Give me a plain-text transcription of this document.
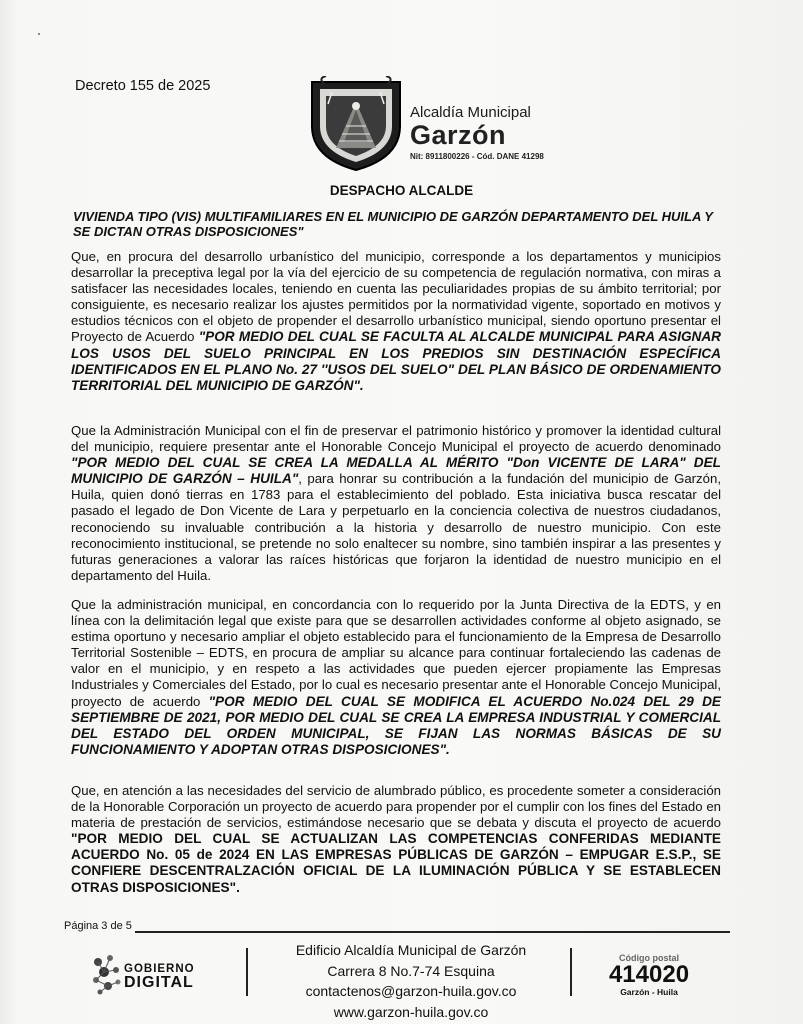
Decreto 155 de 2025
Alcaldía Municipal
Garzón
Nit: 8911800226 - Cód. DANE 41298
DESPACHO ALCALDE
VIVIENDA TIPO (VIS) MULTIFAMILIARES EN EL MUNICIPIO DE GARZÓN DEPARTAMENTO DEL HUILA Y SE DICTAN OTRAS DISPOSICIONES"
Que, en procura del desarrollo urbanístico del municipio, corresponde a los departamentos y municipios desarrollar la preceptiva legal por la vía del ejercicio de su competencia de regulación normativa, con miras a satisfacer las necesidades locales, teniendo en cuenta las peculiaridades propias de su ámbito territorial; por consiguiente, es necesario realizar los ajustes permitidos por la normatividad vigente, soportado en motivos y estudios técnicos con el objeto de propender el desarrollo urbanístico municipal, siendo oportuno presentar el Proyecto de Acuerdo "POR MEDIO DEL CUAL SE FACULTA AL ALCALDE MUNICIPAL PARA ASIGNAR LOS USOS DEL SUELO PRINCIPAL EN LOS PREDIOS SIN DESTINACIÓN ESPECÍFICA IDENTIFICADOS EN EL PLANO No. 27 ''USOS DEL SUELO" DEL PLAN BÁSICO DE ORDENAMIENTO TERRITORIAL DEL MUNICIPIO DE GARZÓN".
Que la Administración Municipal con el fin de preservar el patrimonio histórico y promover la identidad cultural del municipio, requiere presentar ante el Honorable Concejo Municipal el proyecto de acuerdo denominado "POR MEDIO DEL CUAL SE CREA LA MEDALLA AL MÉRITO "Don VICENTE DE LARA" DEL MUNICIPIO DE GARZÓN – HUILA", para honrar su contribución a la fundación del municipio de Garzón, Huila, quien donó tierras en 1783 para el establecimiento del poblado. Esta iniciativa busca rescatar del pasado el legado de Don Vicente de Lara y perpetuarlo en la conciencia colectiva de nuestros ciudadanos, reconociendo su invaluable contribución a la historia y desarrollo de nuestro municipio. Con este reconocimiento institucional, se pretende no solo enaltecer su nombre, sino también inspirar a las presentes y futuras generaciones a valorar las raíces históricas que forjaron la identidad de nuestro municipio en el departamento del Huila.
Que la administración municipal, en concordancia con lo requerido por la Junta Directiva de la EDTS, y en línea con la delimitación legal que existe para que se desarrollen actividades conforme al objeto asignado, se estima oportuno y necesario ampliar el objeto establecido para el funcionamiento de la Empresa de Desarrollo Territorial Sostenible – EDTS, en procura de ampliar su alcance para continuar fortaleciendo las cadenas de valor en el municipio, y en respeto a las actividades que pueden ejercer propiamente las Empresas Industriales y Comerciales del Estado, por lo cual es necesario presentar ante el Honorable Concejo Municipal, proyecto de acuerdo "POR MEDIO DEL CUAL SE MODIFICA EL ACUERDO No.024 DEL 29 DE SEPTIEMBRE DE 2021, POR MEDIO DEL CUAL SE CREA LA EMPRESA INDUSTRIAL Y COMERCIAL DEL ESTADO DEL ORDEN MUNICIPAL, SE FIJAN LAS NORMAS BÁSICAS DE SU FUNCIONAMIENTO Y ADOPTAN OTRAS DISPOSICIONES".
Que, en atención a las necesidades del servicio de alumbrado público, es procedente someter a consideración de la Honorable Corporación un proyecto de acuerdo para propender por el cumplir con los fines del Estado en materia de prestación de servicios, estimándose necesario que se debata y discuta el proyecto de acuerdo "POR MEDIO DEL CUAL SE ACTUALIZAN LAS COMPETENCIAS CONFERIDAS MEDIANTE ACUERDO No. 05 de 2024 EN LAS EMPRESAS PÚBLICAS DE GARZÓN – EMPUGAR E.S.P., SE CONFIERE DESCENTRALZACIÓN OFICIAL DE LA ILUMINACIÓN PÚBLICA Y SE ESTABLECEN OTRAS DISPOSICIONES".
Página 3 de 5
GOBIERNO
DIGITAL
Edificio Alcaldía Municipal de Garzón
Carrera 8 No.7-74 Esquina
contactenos@garzon-huila.gov.co
www.garzon-huila.gov.co
Código postal
414020
Garzón - Huila
